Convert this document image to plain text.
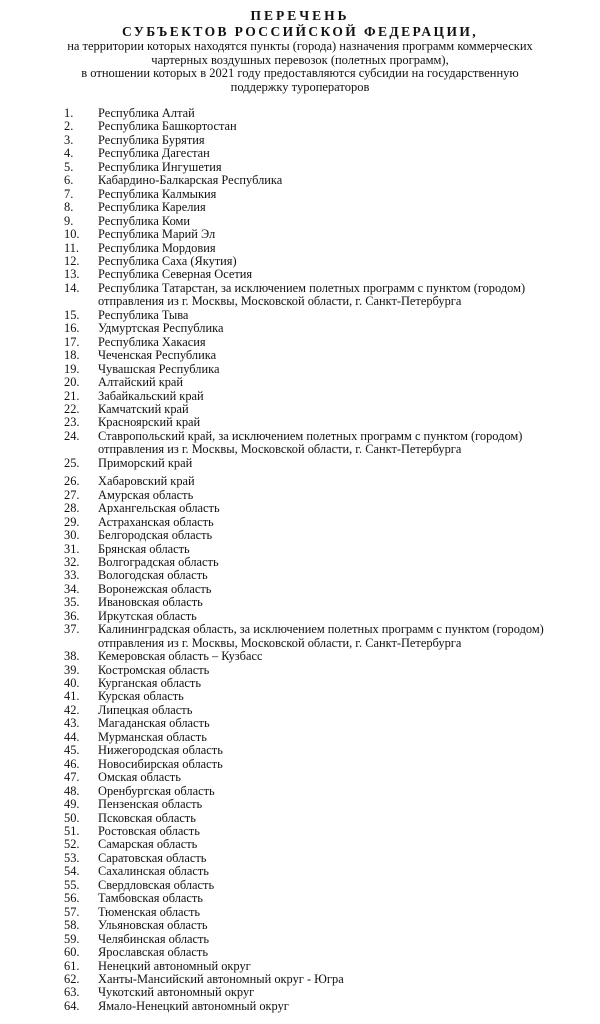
ПЕРЕЧЕНЬ
СУБЪЕКТОВ РОССИЙСКОЙ ФЕДЕРАЦИИ,
на территории которых находятся пункты (города) назначения программ коммерческих
чартерных воздушных перевозок (полетных программ),
в отношении которых в 2021 году предоставляются субсидии на государственную
поддержку туроператоров
1. Республика Алтай
2. Республика Башкортостан
3. Республика Бурятия
4. Республика Дагестан
5. Республика Ингушетия
6. Кабардино-Балкарская Республика
7. Республика Калмыкия
8. Республика Карелия
9. Республика Коми
10. Республика Марий Эл
11. Республика Мордовия
12. Республика Саха (Якутия)
13. Республика Северная Осетия
14. Республика Татарстан, за исключением полетных программ с пунктом (городом) отправления из г. Москвы, Московской области, г. Санкт-Петербурга
15. Республика Тыва
16. Удмуртская Республика
17. Республика Хакасия
18. Чеченская Республика
19. Чувашская Республика
20. Алтайский край
21. Забайкальский край
22. Камчатский край
23. Красноярский край
24. Ставропольский край, за исключением полетных программ с пунктом (городом) отправления из г. Москвы, Московской области, г. Санкт-Петербурга
25. Приморский край
26. Хабаровский край
27. Амурская область
28. Архангельская область
29. Астраханская область
30. Белгородская область
31. Брянская область
32. Волгоградская область
33. Вологодская область
34. Воронежская область
35. Ивановская область
36. Иркутская область
37. Калининградская область, за исключением полетных программ с пунктом (городом) отправления из г. Москвы, Московской области, г. Санкт-Петербурга
38. Кемеровская область – Кузбасс
39. Костромская область
40. Курганская область
41. Курская область
42. Липецкая область
43. Магаданская область
44. Мурманская область
45. Нижегородская область
46. Новосибирская область
47. Омская область
48. Оренбургская область
49. Пензенская область
50. Псковская область
51. Ростовская область
52. Самарская область
53. Саратовская область
54. Сахалинская область
55. Свердловская область
56. Тамбовская область
57. Тюменская область
58. Ульяновская область
59. Челябинская область
60. Ярославская область
61. Ненецкий автономный округ
62. Ханты-Мансийский автономный округ - Югра
63. Чукотский автономный округ
64. Ямало-Ненецкий автономный округ
